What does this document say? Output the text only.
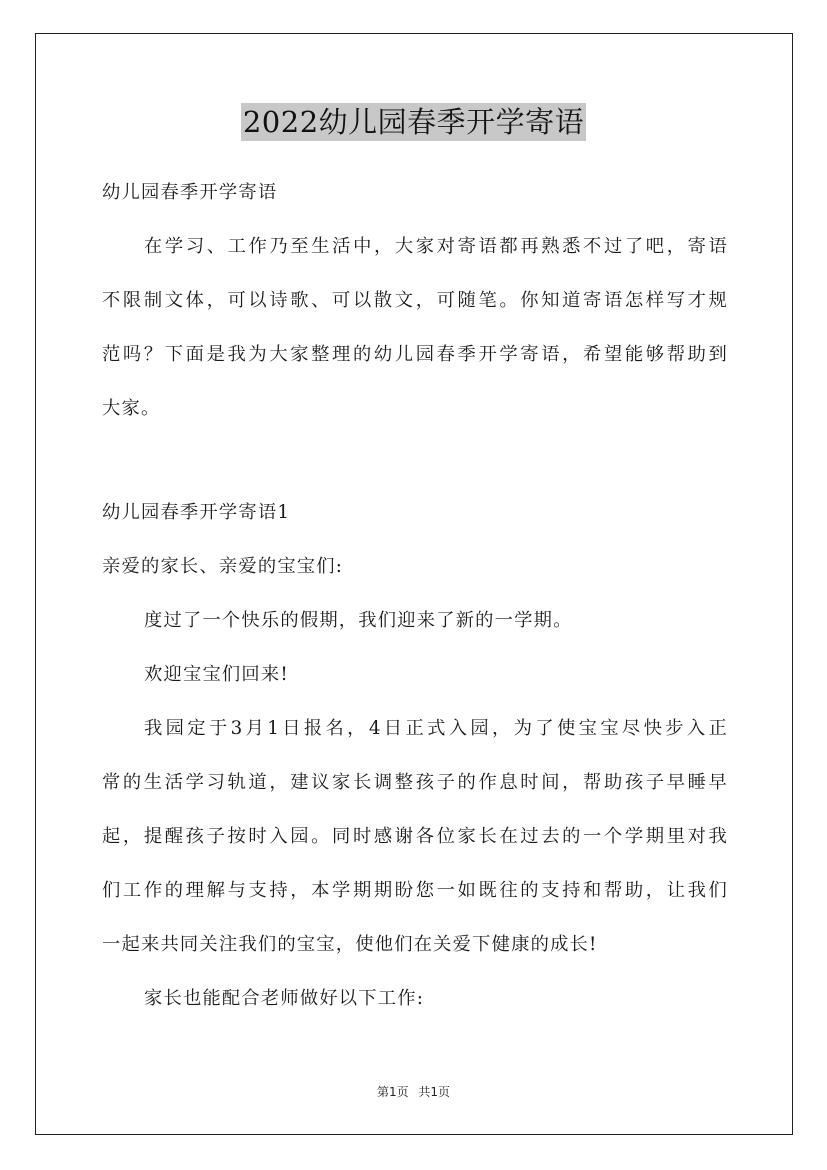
2022幼儿园春季开学寄语
幼儿园春季开学寄语
在学习、工作乃至生活中，大家对寄语都再熟悉不过了吧，寄语
不限制文体，可以诗歌、可以散文，可随笔。你知道寄语怎样写才规
范吗？下面是我为大家整理的幼儿园春季开学寄语，希望能够帮助到
大家。
幼儿园春季开学寄语1
亲爱的家长、亲爱的宝宝们:
度过了一个快乐的假期，我们迎来了新的一学期。
欢迎宝宝们回来!
我园定于3月1日报名，4日正式入园，为了使宝宝尽快步入正
常的生活学习轨道，建议家长调整孩子的作息时间，帮助孩子早睡早
起，提醒孩子按时入园。同时感谢各位家长在过去的一个学期里对我
们工作的理解与支持，本学期期盼您一如既往的支持和帮助，让我们
一起来共同关注我们的宝宝，使他们在关爱下健康的成长!
家长也能配合老师做好以下工作:
第1页 共1页
